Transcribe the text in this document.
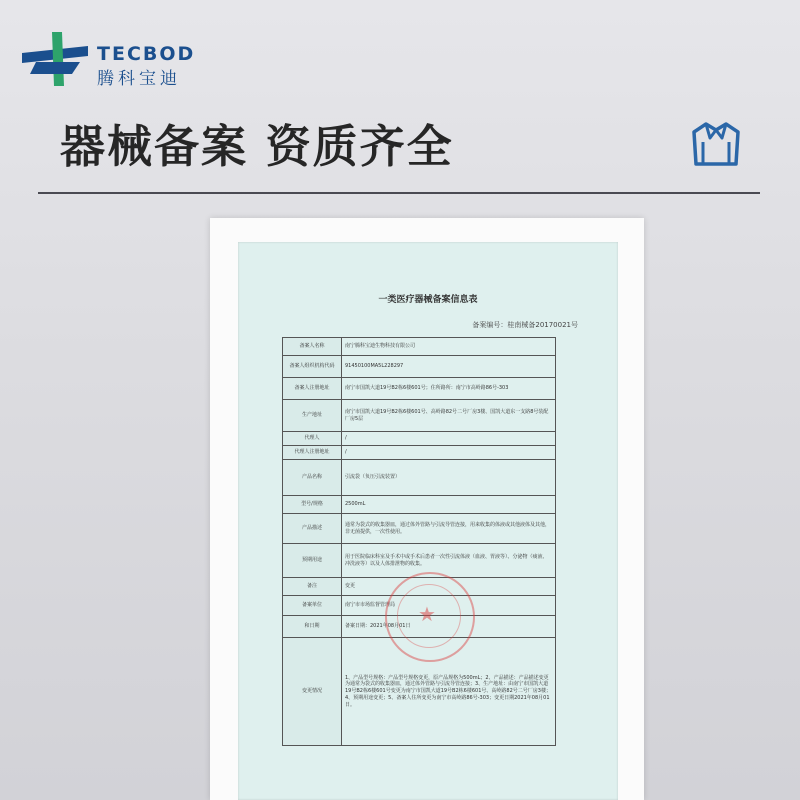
TECBOD
腾科宝迪
器械备案 资质齐全
一类医疗器械备案信息表
备案编号：桂南械备20170021号
备案人名称	南宁腾科宝迪生物科技有限公司
备案人组织机构代码	91450100MA5L228297
备案人注册地址	南宁市国凯大道19号B2栋6楼601号；住所路所：南宁市高岭路86号-303
生产地址	南宁市国凯大道19号B2栋6楼601号、高岭路82号二号厂房3楼、国凯大道东一支路8号装配厂房5层
代理人	/
代理人注册地址	/
产品名称	引流袋（负压引流装置）
型号/规格	2500mL
产品描述	通常为袋式的收集器皿，通过体外管路与引流导管连接，用来收集的体液或其他液体及其他，非无菌提供，一次性使用。
预期用途	用于医院临床科室及手术中或手术后患者一次性引流体液（血液、胃液等）、分泌物（痰液、冲洗液等）以及人体排泄物的收集。
备注	变更
备案单位	南宁市市场监督管理局
和日期	备案日期：2021年08月01日
变更情况	1、产品型号规格：产品型号规格变更，原产品规格为500mL；2、产品描述：产品描述变更为通常为袋式的收集器皿，通过体外管路与引流导管连接；3、生产地址：由南宁市国凯大道19号B2栋6楼601号变更为南宁市国凯大道19号B2栋6楼601号、高岭路82号二号厂房3楼；4、预期用途变更；5、备案人住所变更为南宁市高岭路86号-303；变更日期2021年08月01日。
★
